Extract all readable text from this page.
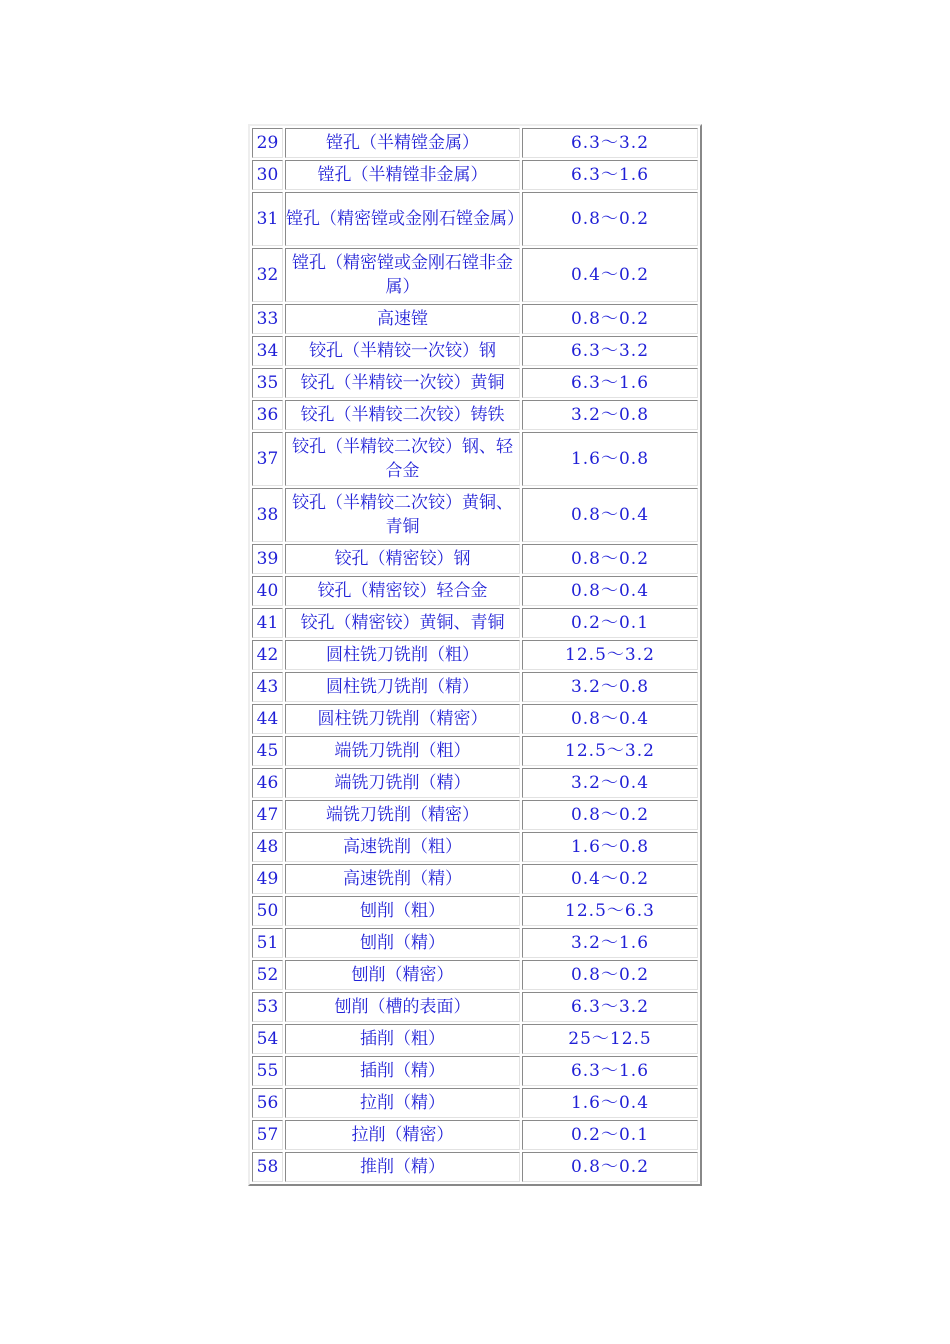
29	镗孔（半精镗金属）	6.3～3.2
30	镗孔（半精镗非金属）	6.3～1.6
31	镗孔（精密镗或金刚石镗金属）	0.8～0.2
32	镗孔（精密镗或金刚石镗非金属）	0.4～0.2
33	高速镗	0.8～0.2
34	铰孔（半精铰一次铰）钢	6.3～3.2
35	铰孔（半精铰一次铰）黄铜	6.3～1.6
36	铰孔（半精铰二次铰）铸铁	3.2～0.8
37	铰孔（半精铰二次铰）钢、轻合金	1.6～0.8
38	铰孔（半精铰二次铰）黄铜、青铜	0.8～0.4
39	铰孔（精密铰）钢	0.8～0.2
40	铰孔（精密铰）轻合金	0.8～0.4
41	铰孔（精密铰）黄铜、青铜	0.2～0.1
42	圆柱铣刀铣削（粗）	12.5～3.2
43	圆柱铣刀铣削（精）	3.2～0.8
44	圆柱铣刀铣削（精密）	0.8～0.4
45	端铣刀铣削（粗）	12.5～3.2
46	端铣刀铣削（精）	3.2～0.4
47	端铣刀铣削（精密）	0.8～0.2
48	高速铣削（粗）	1.6～0.8
49	高速铣削（精）	0.4～0.2
50	刨削（粗）	12.5～6.3
51	刨削（精）	3.2～1.6
52	刨削（精密）	0.8～0.2
53	刨削（槽的表面）	6.3～3.2
54	插削（粗）	25～12.5
55	插削（精）	6.3～1.6
56	拉削（精）	1.6～0.4
57	拉削（精密）	0.2～0.1
58	推削（精）	0.8～0.2
